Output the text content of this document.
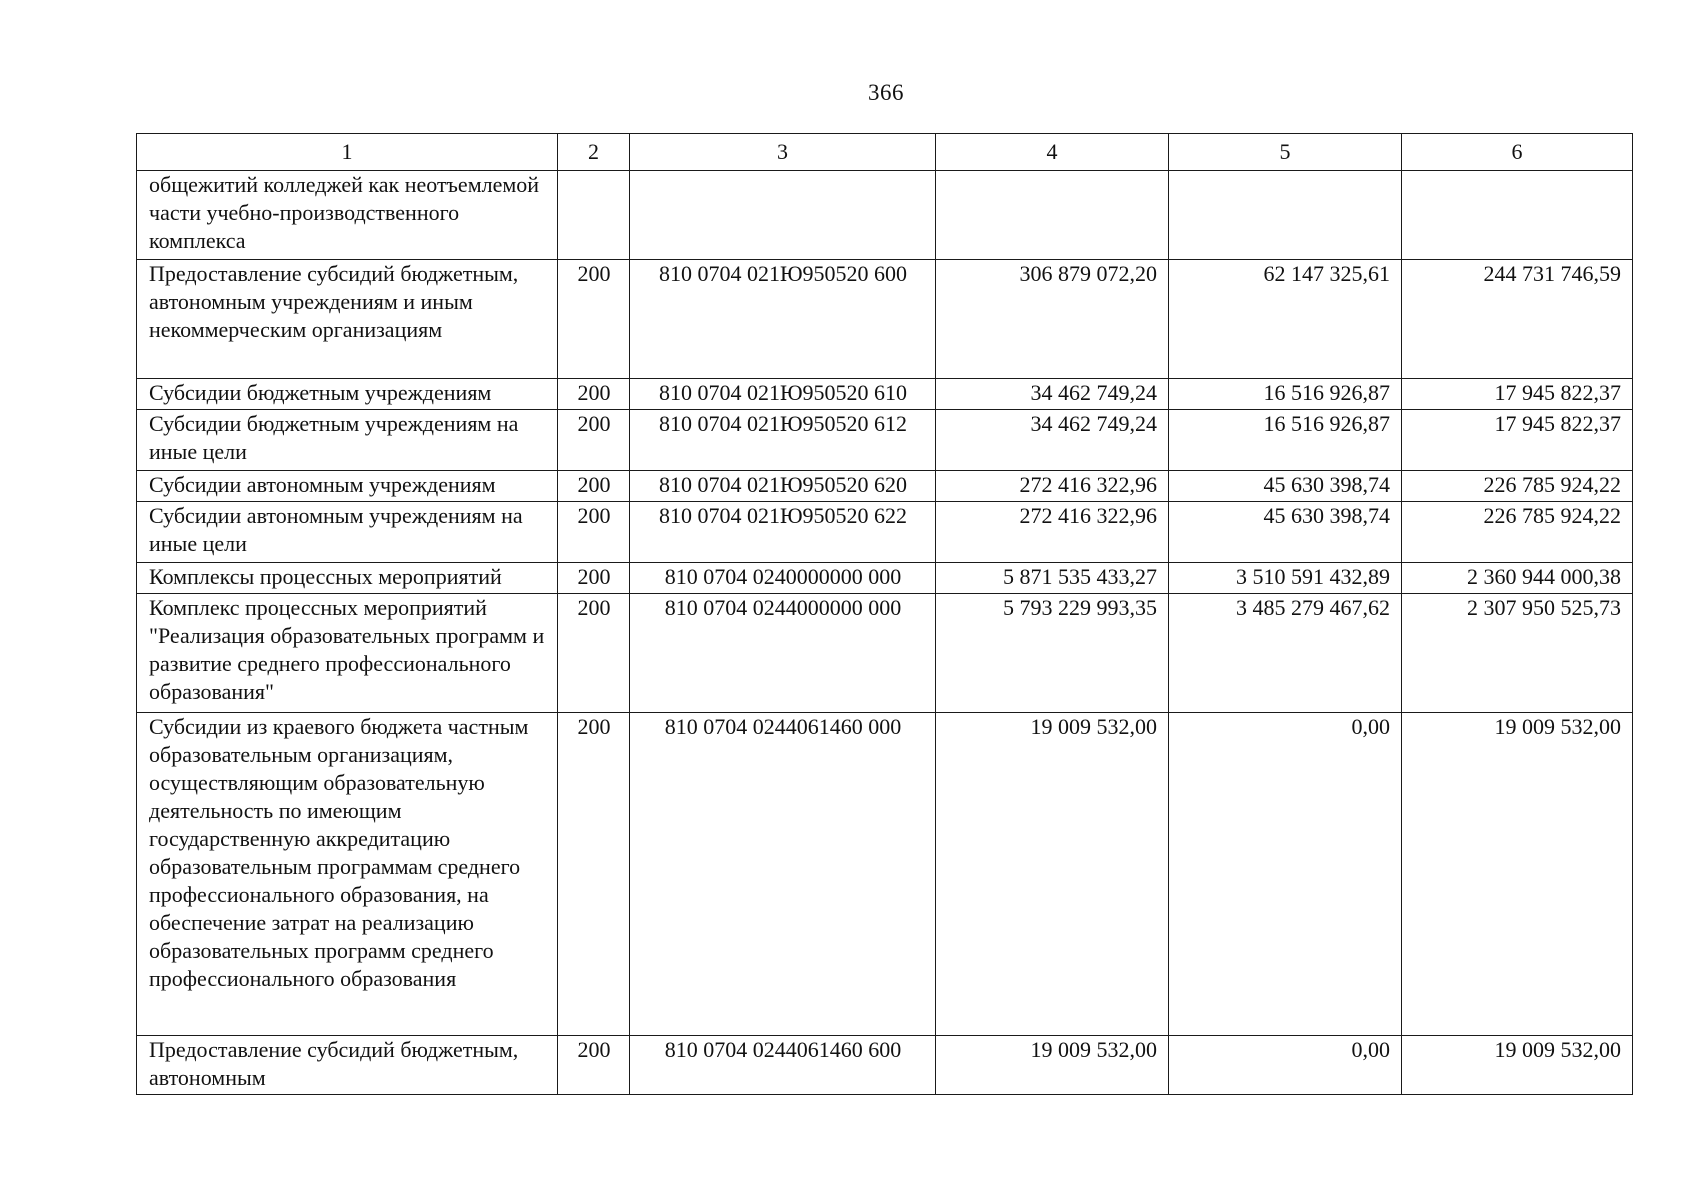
366
1	2	3	4	5	6
общежитий колледжей как неотъемлемой части учебно-производственного комплекса					
Предоставление субсидий бюджетным, автономным учреждениям и иным некоммерческим организациям	200	810 0704 021Ю950520 600	306 879 072,20	62 147 325,61	244 731 746,59
Субсидии бюджетным учреждениям	200	810 0704 021Ю950520 610	34 462 749,24	16 516 926,87	17 945 822,37
Субсидии бюджетным учреждениям на иные цели	200	810 0704 021Ю950520 612	34 462 749,24	16 516 926,87	17 945 822,37
Субсидии автономным учреждениям	200	810 0704 021Ю950520 620	272 416 322,96	45 630 398,74	226 785 924,22
Субсидии автономным учреждениям на иные цели	200	810 0704 021Ю950520 622	272 416 322,96	45 630 398,74	226 785 924,22
Комплексы процессных мероприятий	200	810 0704 0240000000 000	5 871 535 433,27	3 510 591 432,89	2 360 944 000,38
Комплекс процессных мероприятий "Реализация образовательных программ и развитие среднего профессионального образования"	200	810 0704 0244000000 000	5 793 229 993,35	3 485 279 467,62	2 307 950 525,73
Субсидии из краевого бюджета частным образовательным организациям, осуществляющим образовательную деятельность по имеющим государственную аккредитацию образовательным программам среднего профессионального образования, на обеспечение затрат на реализацию образовательных программ среднего профессионального образования	200	810 0704 0244061460 000	19 009 532,00	0,00	19 009 532,00
Предоставление субсидий бюджетным, автономным	200	810 0704 0244061460 600	19 009 532,00	0,00	19 009 532,00
